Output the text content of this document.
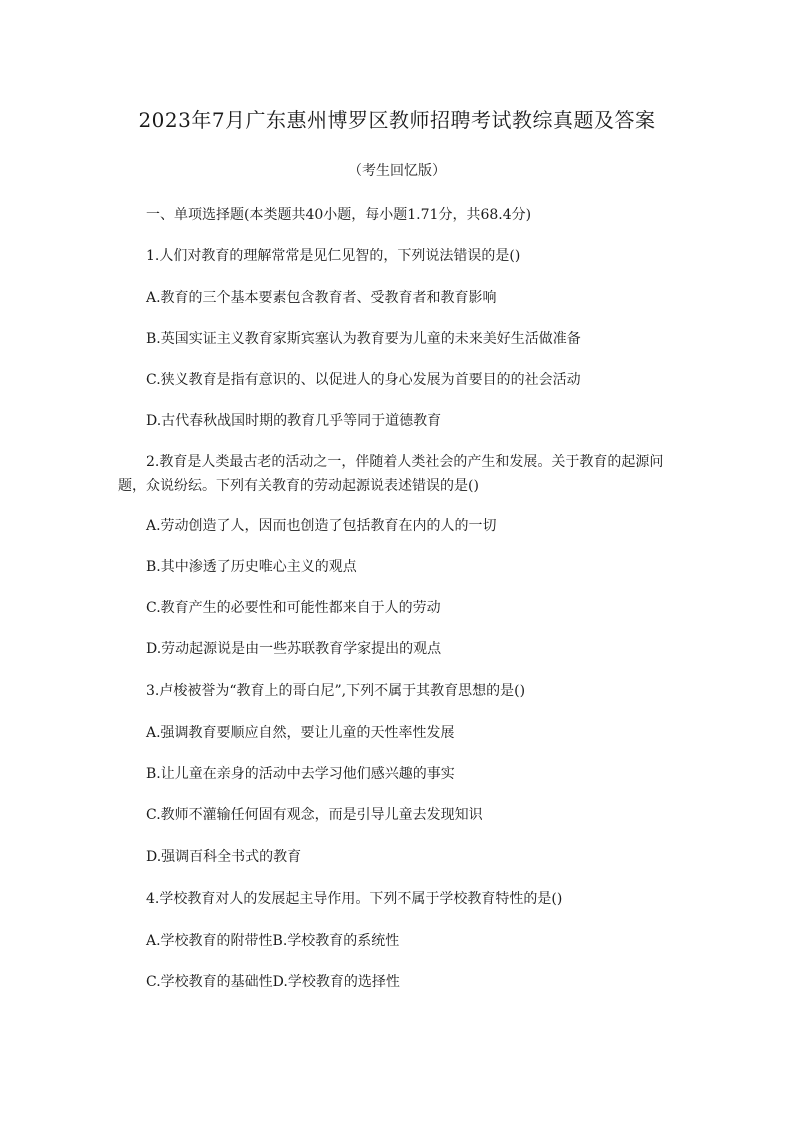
2023年7月广东惠州博罗区教师招聘考试教综真题及答案
（考生回忆版）
一、单项选择题(本类题共40小题，每小题1.71分，共68.4分)
1.人们对教育的理解常常是见仁见智的，下列说法错误的是()
A.教育的三个基本要素包含教育者、受教育者和教育影响
B.英国实证主义教育家斯宾塞认为教育要为儿童的未来美好生活做准备
C.狭义教育是指有意识的、以促进人的身心发展为首要目的的社会活动
D.古代春秋战国时期的教育几乎等同于道德教育
2.教育是人类最古老的活动之一，伴随着人类社会的产生和发展。关于教育的起源问题，众说纷纭。下列有关教育的劳动起源说表述错误的是()
A.劳动创造了人，因而也创造了包括教育在内的人的一切
B.其中渗透了历史唯心主义的观点
C.教育产生的必要性和可能性都来自于人的劳动
D.劳动起源说是由一些苏联教育学家提出的观点
3.卢梭被誉为“教育上的哥白尼”,下列不属于其教育思想的是()
A.强调教育要顺应自然，要让儿童的天性率性发展
B.让儿童在亲身的活动中去学习他们感兴趣的事实
C.教师不灌输任何固有观念，而是引导儿童去发现知识
D.强调百科全书式的教育
4.学校教育对人的发展起主导作用。下列不属于学校教育特性的是()
A.学校教育的附带性B.学校教育的系统性
C.学校教育的基础性D.学校教育的选择性
